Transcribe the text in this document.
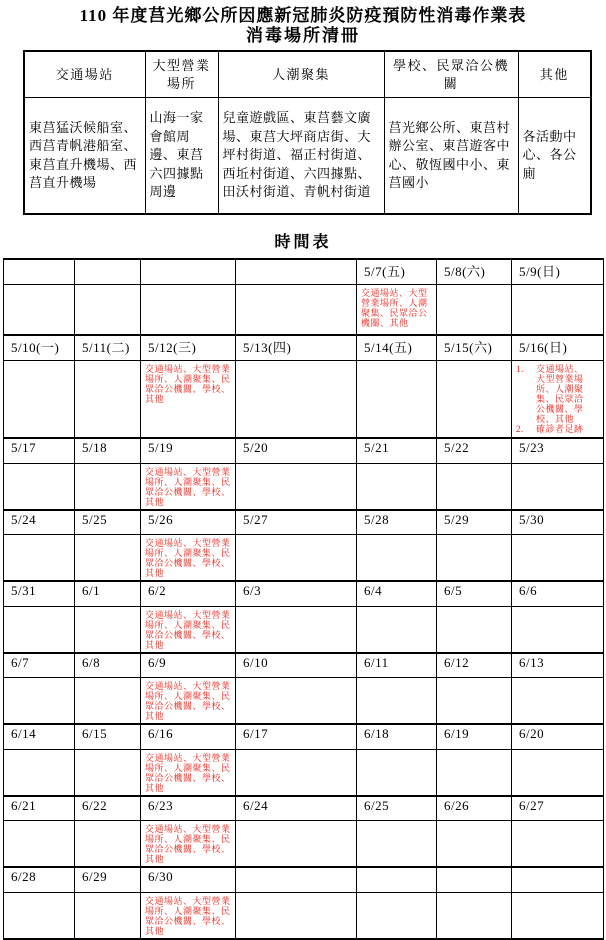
110 年度莒光鄉公所因應新冠肺炎防疫預防性消毒作業表
消毒場所清冊
交通場站	大型營業場所	人潮聚集	學校、民眾洽公機關	其他
東莒猛沃候船室、西莒青帆港船室、東莒直升機場、西莒直升機場	山海一家會館周邊、東莒六四據點周邊	兒童遊戲區、東莒藝文廣場、東莒大坪商店街、大坪村街道、福正村街道、西坵村街道、六四據點、田沃村街道、青帆村街道	莒光鄉公所、東莒村辦公室、東莒遊客中心、敬恆國中小、東莒國小	各活動中心、各公廁
時間表
				5/7(五)	5/8(六)	5/9(日)

				交通場站、大型營業場所、人潮聚集、民眾洽公機關、其他		

5/10(一)	5/11(二)	5/12(三)	5/13(四)	5/14(五)	5/15(六)	5/16(日)

		交通場站、大型營業場所、人潮聚集、民眾洽公機關、學校、其他				1. 交通場站、大型營業場所、人潮聚集、民眾洽公機關、學校、其他
2. 確診者足跡

5/17	5/18	5/19	5/20	5/21	5/22	5/23

		交通場站、大型營業場所、人潮聚集、民眾洽公機關、學校、其他				

5/24	5/25	5/26	5/27	5/28	5/29	5/30

		交通場站、大型營業場所、人潮聚集、民眾洽公機關、學校、其他				

5/31	6/1	6/2	6/3	6/4	6/5	6/6

		交通場站、大型營業場所、人潮聚集、民眾洽公機關、學校、其他				

6/7	6/8	6/9	6/10	6/11	6/12	6/13

		交通場站、大型營業場所、人潮聚集、民眾洽公機關、學校、其他				

6/14	6/15	6/16	6/17	6/18	6/19	6/20

		交通場站、大型營業場所、人潮聚集、民眾洽公機關、學校、其他				

6/21	6/22	6/23	6/24	6/25	6/26	6/27

		交通場站、大型營業場所、人潮聚集、民眾洽公機關、學校、其他				

6/28	6/29	6/30				

		交通場站、大型營業場所、人潮聚集、民眾洽公機關、學校、其他				
